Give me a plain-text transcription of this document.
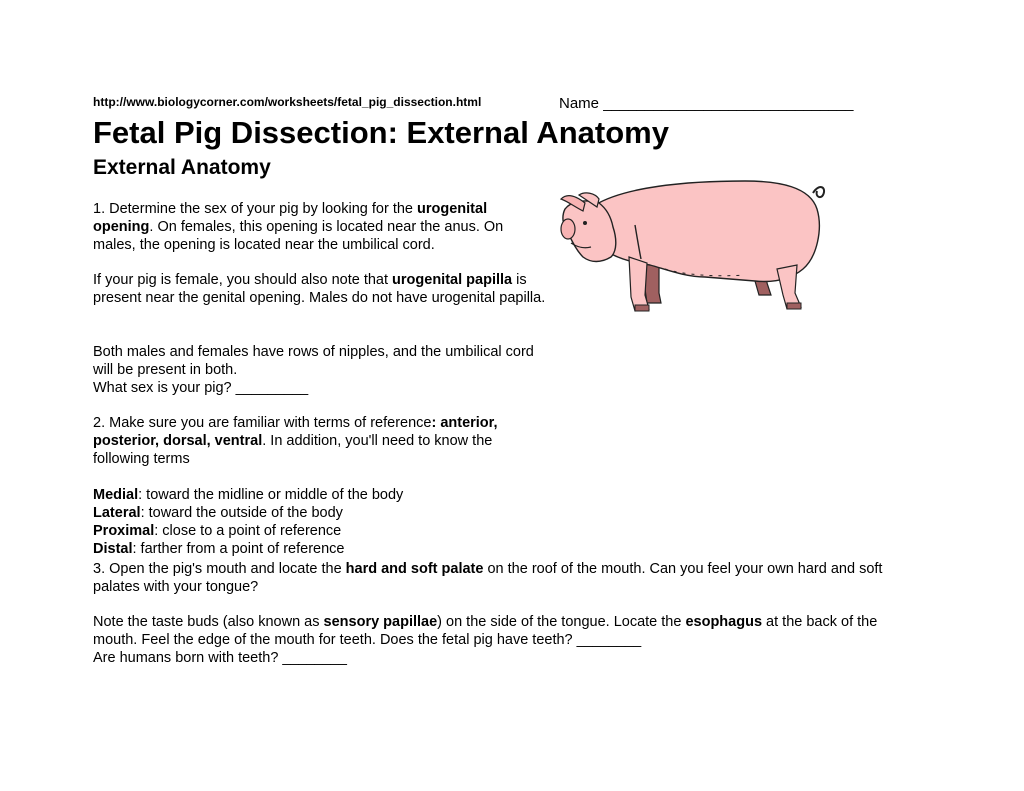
http://www.biologycorner.com/worksheets/fetal_pig_dissection.html	Name ______________________________
Fetal Pig Dissection: External Anatomy
External Anatomy

1. Determine the sex of your pig by looking for the urogenital opening. On females, this opening is located near the anus. On males, the opening is located near the umbilical cord.

If your pig is female, you should also note that urogenital papilla is present near the genital opening. Males do not have urogenital papilla.

Both males and females have rows of nipples, and the umbilical cord will be present in both.

What sex is your pig? _________

2. Make sure you are familiar with terms of reference: anterior, posterior, dorsal, ventral. In addition, you'll need to know the following terms

Medial: toward the midline or middle of the body

Lateral: toward the outside of the body

Proximal: close to a point of reference

Distal: farther from a point of reference

3. Open the pig's mouth and locate the hard and soft palate on the roof of the mouth. Can you feel your own hard and soft palates with your tongue?

Note the taste buds (also known as sensory papillae) on the side of the tongue. Locate the esophagus at the back of the mouth. Feel the edge of the mouth for teeth. Does the fetal pig have teeth? ________

Are humans born with teeth? ________
